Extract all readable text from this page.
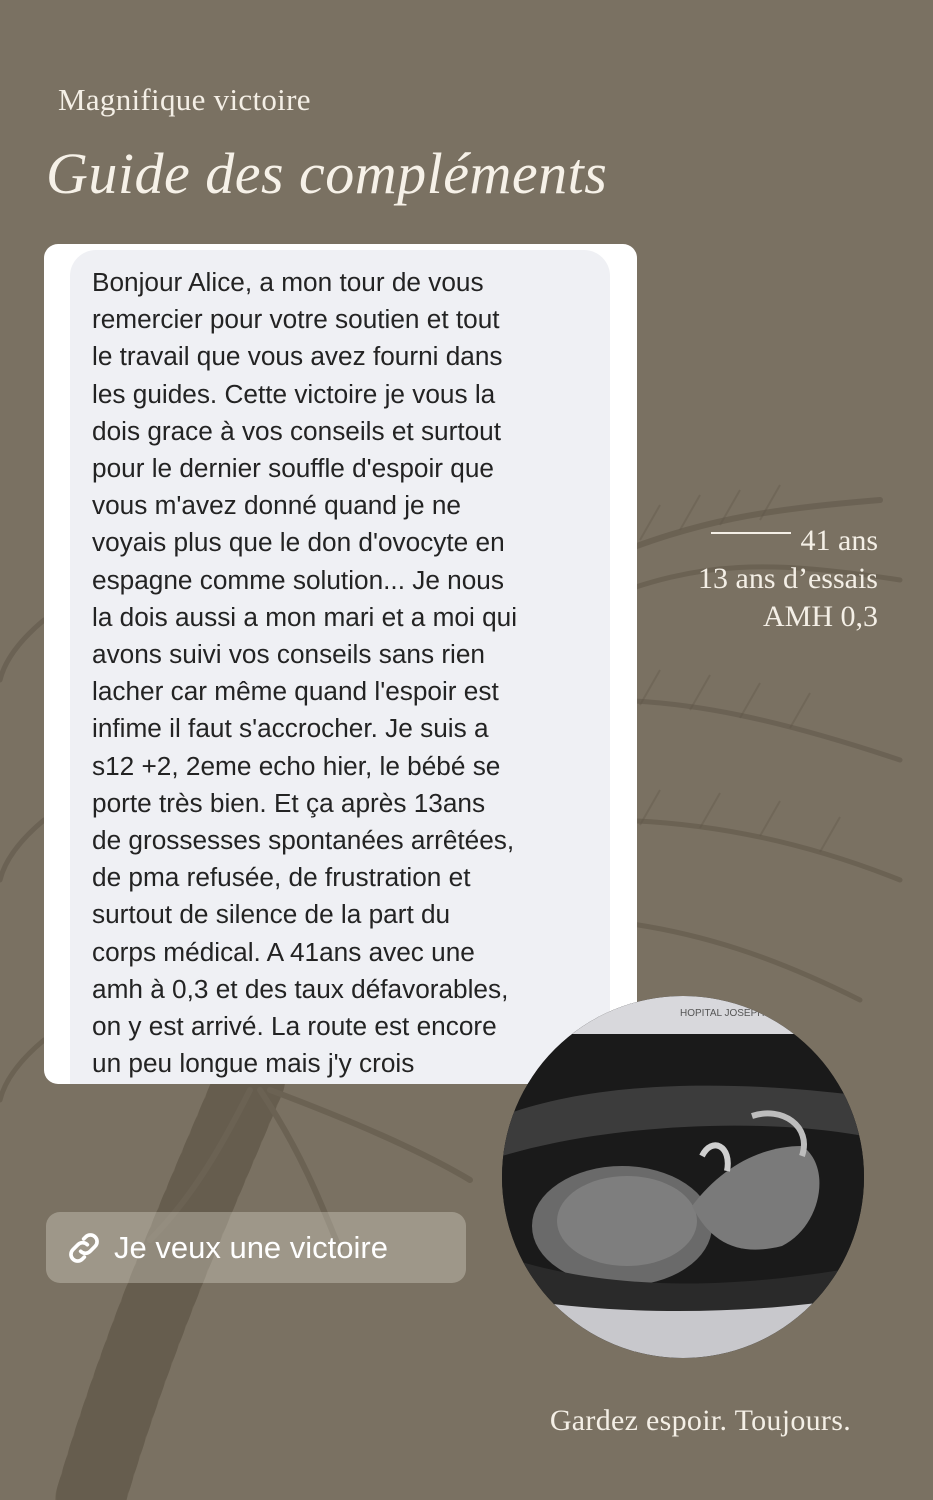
Magnifique victoire
Guide des compléments
Bonjour Alice, a mon tour de vous
remercier pour votre soutien et tout
le travail que vous avez fourni dans
les guides. Cette victoire je vous la
dois grace à vos conseils et surtout
pour le dernier souffle d'espoir que
vous m'avez donné quand je ne
voyais plus que le don d'ovocyte en
espagne comme solution... Je nous
la dois aussi a mon mari et a moi qui
avons suivi vos conseils sans rien
lacher car même quand l'espoir est
infime il faut s'accrocher. Je suis a
s12 +2, 2eme echo hier, le bébé se
porte très bien. Et ça après 13ans
de grossesses spontanées arrêtées,
de pma refusée, de frustration et
surtout de silence de la part du
corps médical. A 41ans avec une
amh à 0,3 et des taux défavorables,
on y est arrivé. La route est encore
un peu longue mais j'y crois
41 ans
13 ans d’essais
AMH 0,3
Je veux une victoire
HOPITAL JOSEPH D
Gardez espoir. Toujours.
